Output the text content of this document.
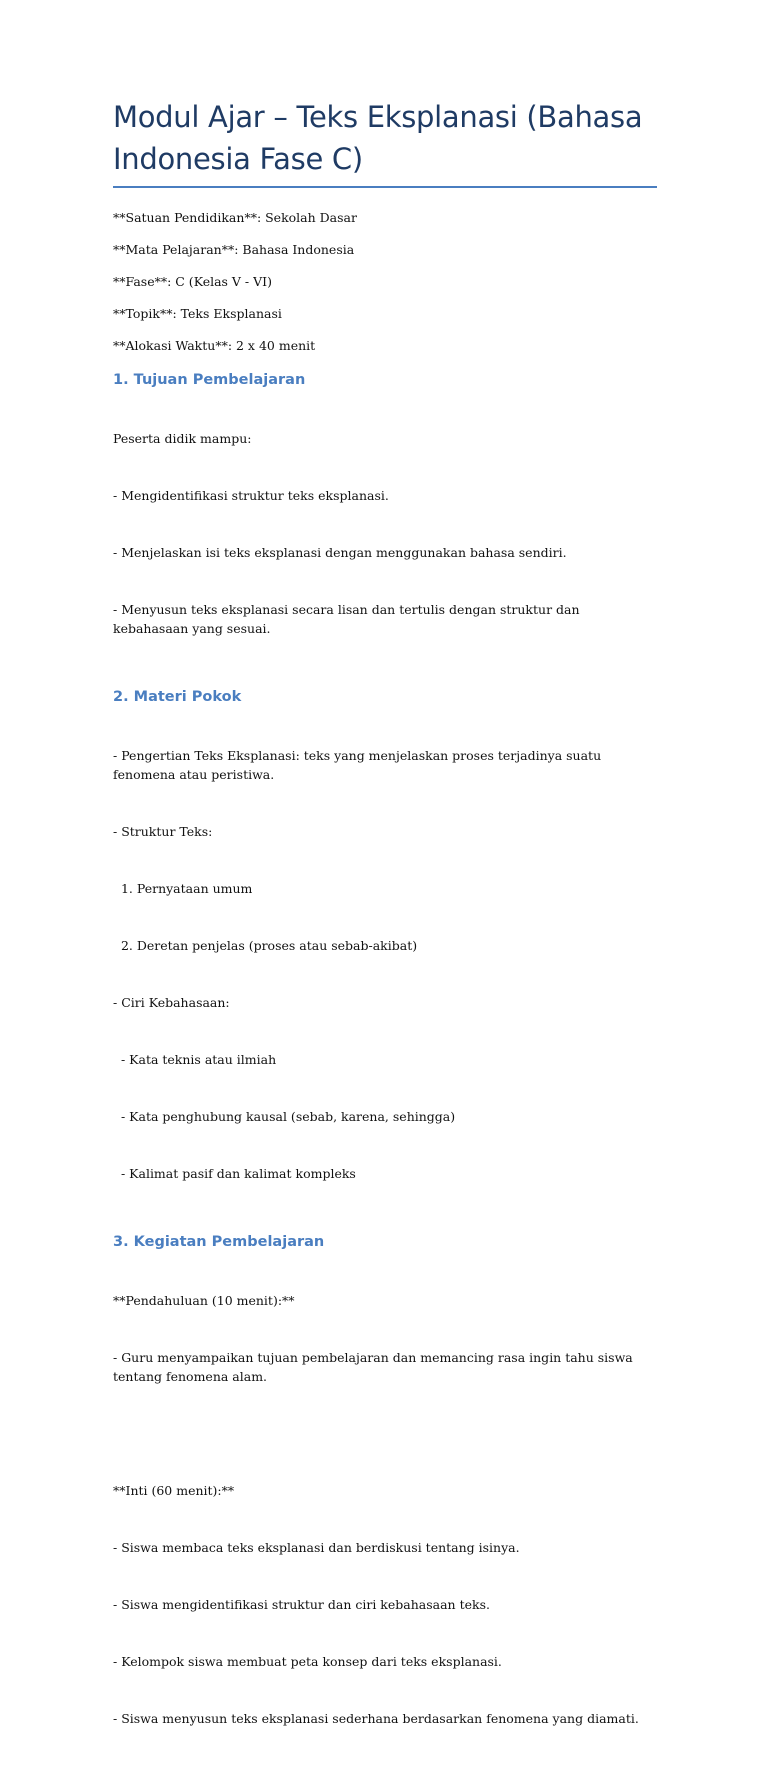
Modul Ajar – Teks Eksplanasi (Bahasa Indonesia Fase C)

**Satuan Pendidikan**: Sekolah Dasar

**Mata Pelajaran**: Bahasa Indonesia

**Fase**: C (Kelas V - VI)

**Topik**: Teks Eksplanasi

**Alokasi Waktu**: 2 x 40 menit

1. Tujuan Pembelajaran

Peserta didik mampu:

- Mengidentifikasi struktur teks eksplanasi.

- Menjelaskan isi teks eksplanasi dengan menggunakan bahasa sendiri.

- Menyusun teks eksplanasi secara lisan dan tertulis dengan struktur dan kebahasaan yang sesuai.

2. Materi Pokok

- Pengertian Teks Eksplanasi: teks yang menjelaskan proses terjadinya suatu fenomena atau peristiwa.

- Struktur Teks:

1. Pernyataan umum

2. Deretan penjelas (proses atau sebab-akibat)

- Ciri Kebahasaan:

- Kata teknis atau ilmiah

- Kata penghubung kausal (sebab, karena, sehingga)

- Kalimat pasif dan kalimat kompleks

3. Kegiatan Pembelajaran

**Pendahuluan (10 menit):**

- Guru menyampaikan tujuan pembelajaran dan memancing rasa ingin tahu siswa tentang fenomena alam.

**Inti (60 menit):**

- Siswa membaca teks eksplanasi dan berdiskusi tentang isinya.

- Siswa mengidentifikasi struktur dan ciri kebahasaan teks.

- Kelompok siswa membuat peta konsep dari teks eksplanasi.

- Siswa menyusun teks eksplanasi sederhana berdasarkan fenomena yang diamati.
